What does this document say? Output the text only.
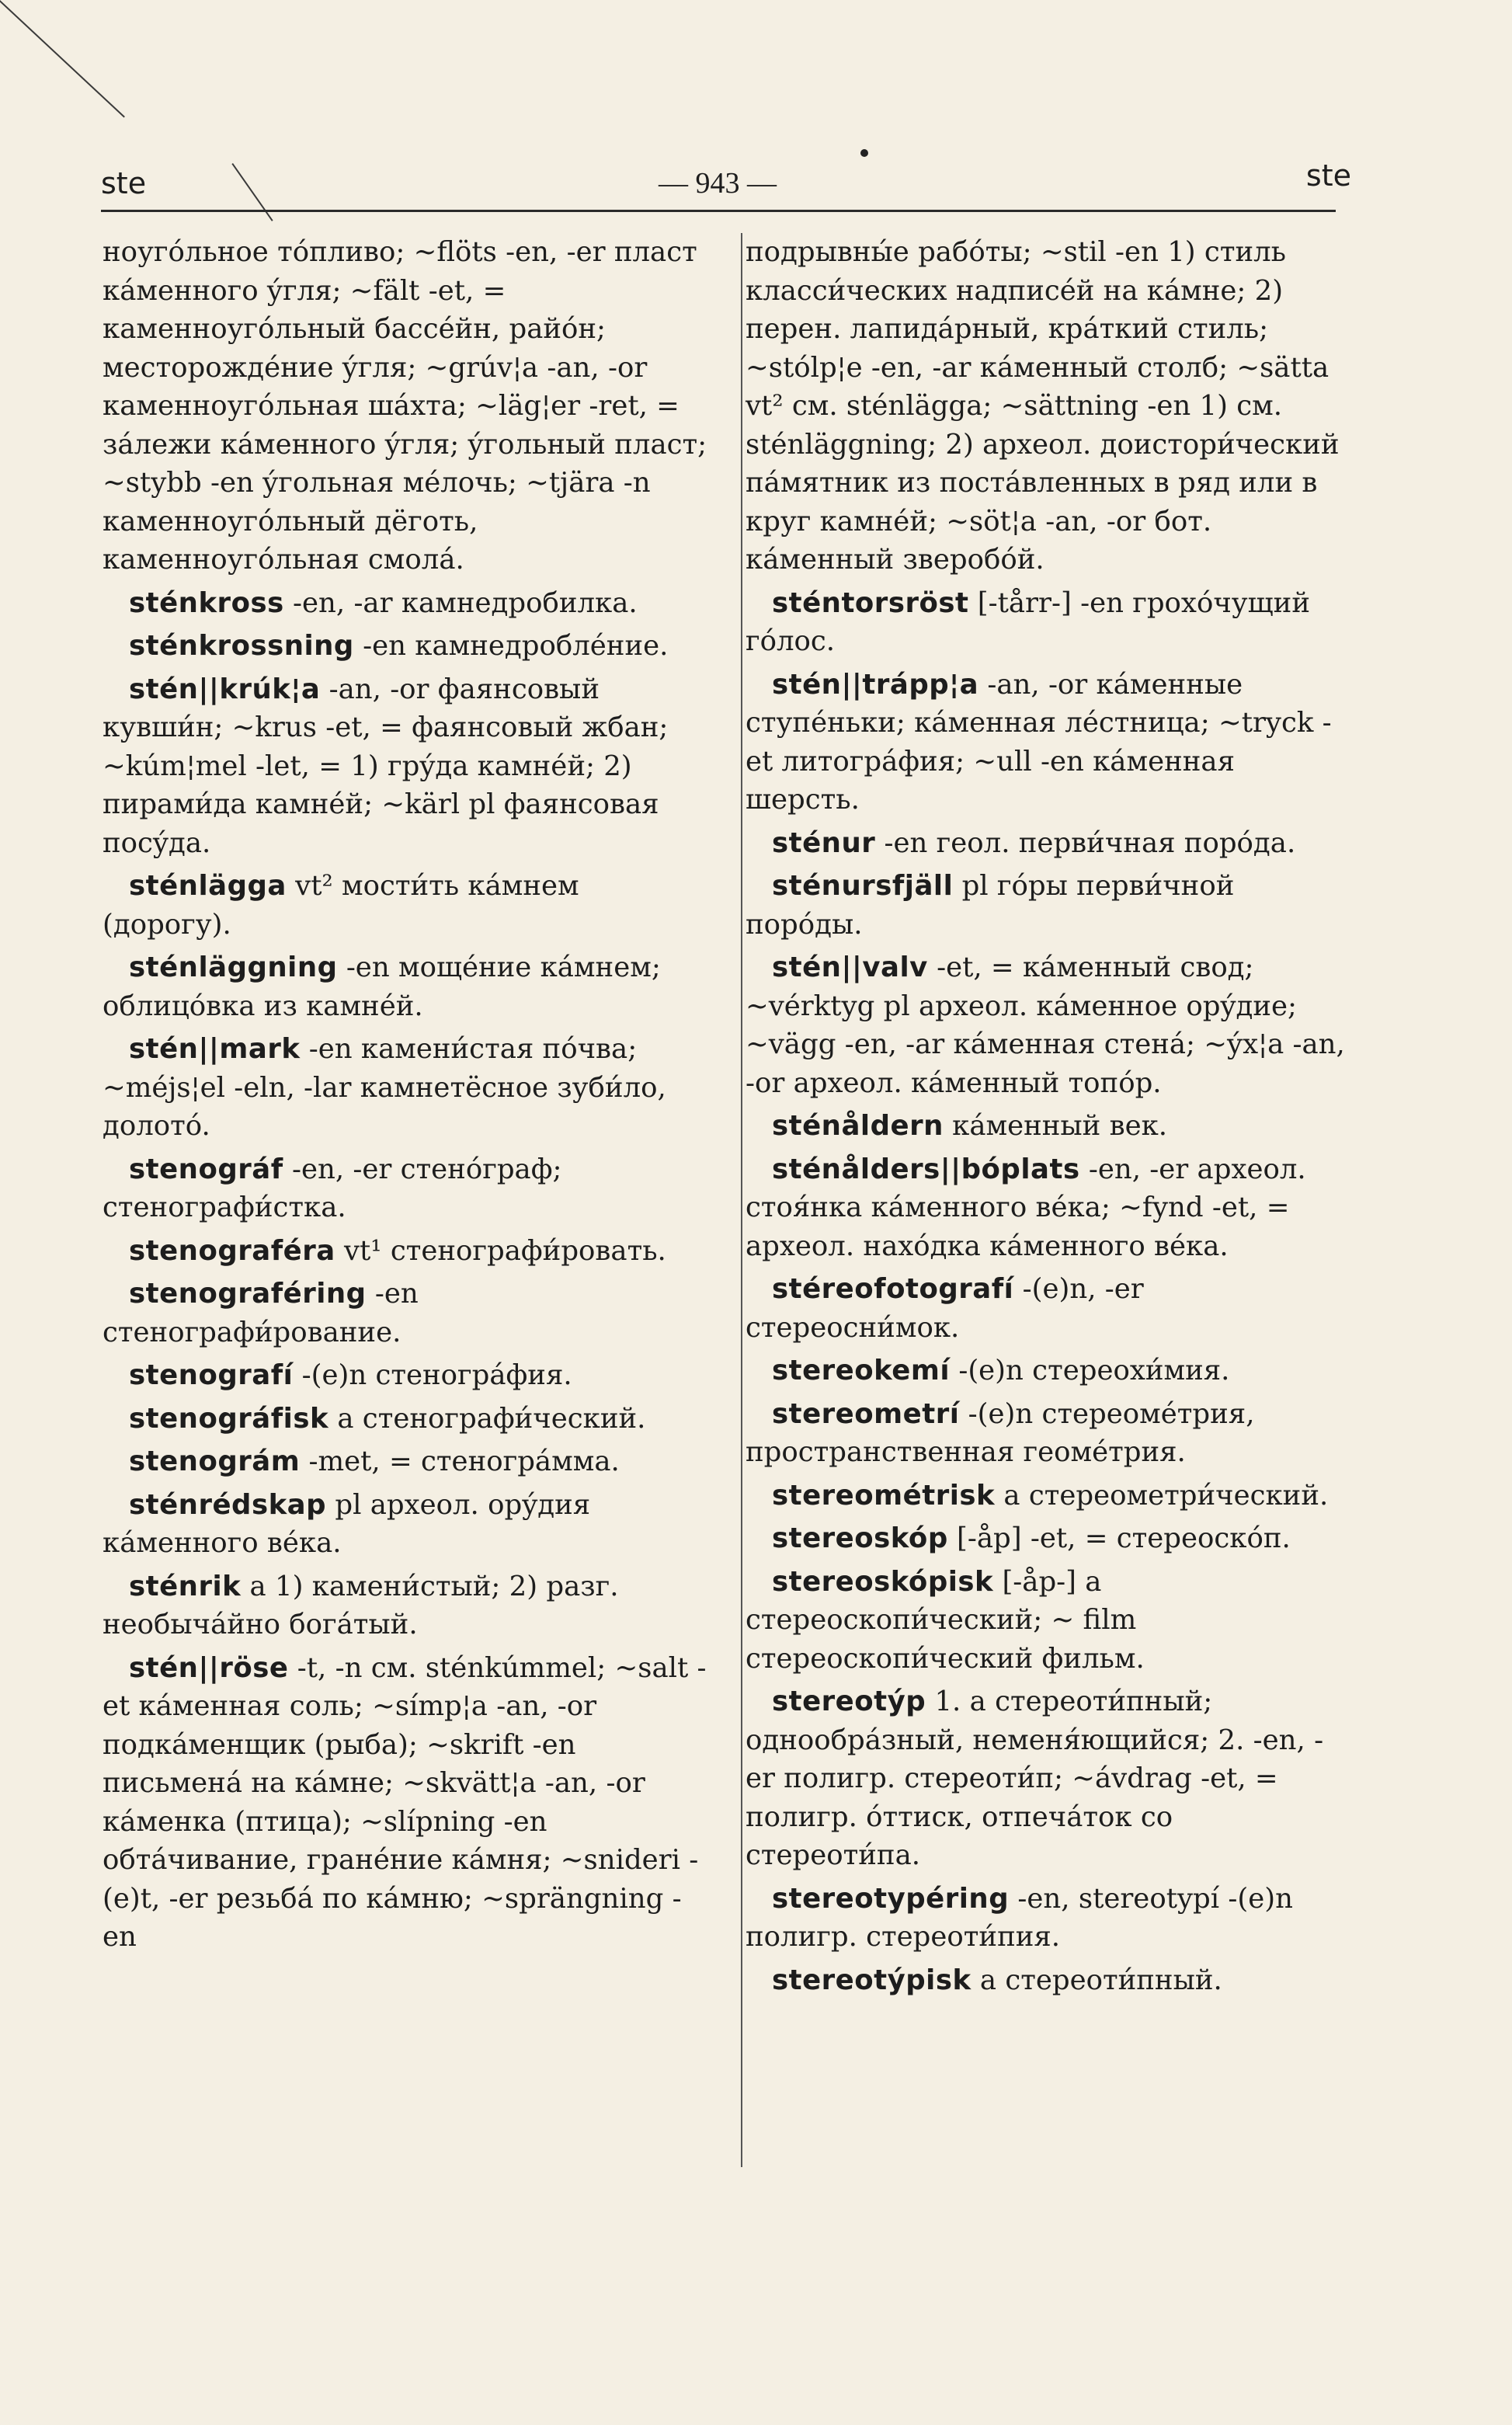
ste	— 943 —	ste

ноугóльное тóпливо; ~flöts -en, -er пласт кáменного ýгля; ~fält -et, = каменноугóльный бассéйн, райóн; месторождéние ýгля; ~grúv¦a -an, -or каменноугóльная шáхта; ~läg¦er -ret, = зáлежи кáменного ýгля; ýгольный пласт; ~stybb -en ýгольная мéлочь; ~tjära -n каменноугóльный дёготь, каменноугóльная смолá.

sténkross -en, -ar камнедробилка.

sténkrossning -en камнедроблéние.

stén||krúk¦a -an, -or фаянсовый кувши́н; ~krus -et, = фаянсовый жбан; ~kúm¦mel -let, = 1) грýда камнéй; 2) пирами́да камнéй; ~kärl pl фаянсовая посýда.

sténlägga vt² мости́ть кáмнем (дорогу).

sténläggning -en мощéние кáмнем; облицóвка из камнéй.

stén||mark -en камени́стая пóчва; ~méjs¦el -eln, -lar камнетёсное зуби́ло, долотó.

stenográf -en, -er стенóграф; стенографи́стка.

stenograféra vt¹ стенографи́ровать.

stenograféring -en стенографи́рование.

stenografí -(e)n стеногрáфия.

stenográfisk a стенографи́ческий.

stenográm -met, = стеногрáмма.

sténrédskap pl археол. орýдия кáменного вéка.

sténrik a 1) камени́стый; 2) разг. необычáйно богáтый.

stén||röse -t, -n см. sténkúmmel; ~salt -et кáменная соль; ~símp¦a -an, -or подкáменщик (рыба); ~skrift -en письменá на кáмне; ~skvätt¦a -an, -or кáменка (птица); ~slípning -en обтáчивание, гранéние кáмня; ~snideri -(e)t, -er резьбá по кáмню; ~sprängning -en

подрывны́е рабóты; ~stil -en 1) стиль класси́ческих надписéй на кáмне; 2) перен. лапидáрный, крáткий стиль; ~stólp¦e -en, -ar кáменный столб; ~sätta vt² см. sténlägga; ~sättning -en 1) см. sténläggning; 2) археол. доистори́ческий пáмятник из постáвленных в ряд или в круг камнéй; ~söt¦a -an, -or бот. кáменный зверобóй.

sténtorsröst [-tårr-] -en грохóчущий гóлос.

stén||trápp¦a -an, -or кáменные ступéньки; кáменная лéстница; ~tryck -et литогрáфия; ~ull -en кáменная шерсть.

sténur -en геол. перви́чная порóда.

sténursfjäll pl гóры перви́чной порóды.

stén||valv -et, = кáменный свод; ~vérktyg pl археол. кáменное орýдие; ~vägg -en, -ar кáменная стенá; ~ýx¦a -an, -or археол. кáменный топóр.

sténåldern кáменный век.

sténålders||bóplats -en, -er археол. стоя́нка кáменного вéка; ~fynd -et, = археол. нахóдка кáменного вéка.

stéreofotografí -(e)n, -er стереосни́мок.

stereokemí -(e)n стереохи́мия.

stereometrí -(e)n стереомéтрия, пространственная геомéтрия.

stereométrisk a стереометри́ческий.

stereoskóp [-åp] -et, = стереоскóп.

stereoskópisk [-åp-] a стереоскопи́ческий; ~ film стереоскопи́ческий фильм.

stereotýp 1. a стереоти́пный; однообрáзный, неменя́ющийся; 2. -en, -er полигр. стереоти́п; ~ávdrag -et, = полигр. óттиск, отпечáток со стереоти́па.

stereotypéring -en, stereotypí -(e)n полигр. стереоти́пия.

stereotýpisk a стереоти́пный.
